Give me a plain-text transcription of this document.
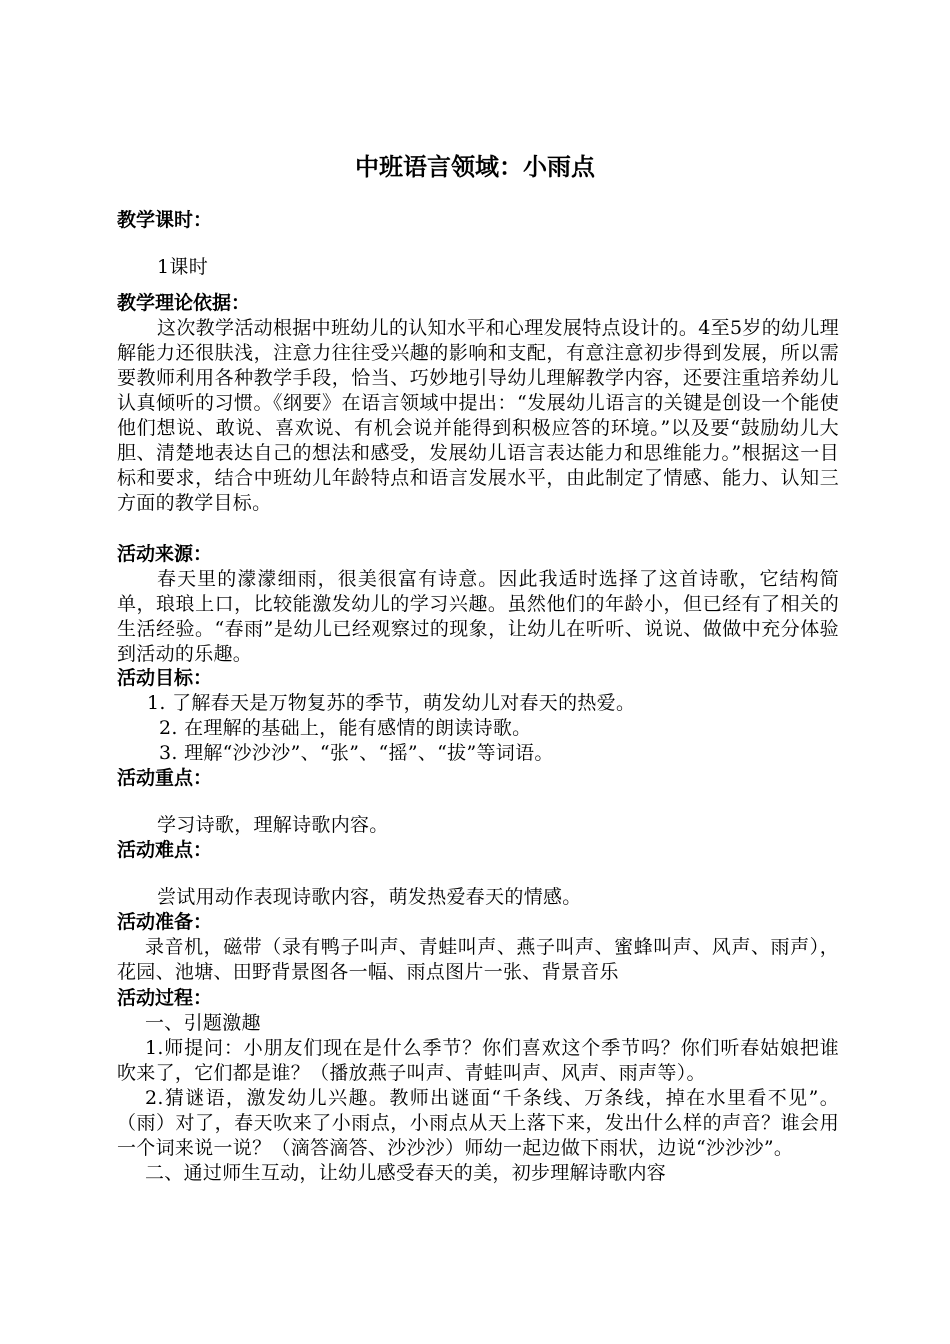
中班语言领域：小雨点

教学课时：

1课时

教学理论依据：

这次教学活动根据中班幼儿的认知水平和心理发展特点设计的。4至5岁的幼儿理解能力还很肤浅，注意力往往受兴趣的影响和支配，有意注意初步得到发展，所以需要教师利用各种教学手段，恰当、巧妙地引导幼儿理解教学内容，还要注重培养幼儿认真倾听的习惯。《纲要》在语言领域中提出：“发展幼儿语言的关键是创设一个能使他们想说、敢说、喜欢说、有机会说并能得到积极应答的环境。”以及要“鼓励幼儿大胆、清楚地表达自己的想法和感受，发展幼儿语言表达能力和思维能力。”根据这一目标和要求，结合中班幼儿年龄特点和语言发展水平，由此制定了情感、能力、认知三方面的教学目标。

活动来源：

春天里的濛濛细雨，很美很富有诗意。因此我适时选择了这首诗歌，它结构简单，琅琅上口，比较能激发幼儿的学习兴趣。虽然他们的年龄小，但已经有了相关的生活经验。“春雨”是幼儿已经观察过的现象，让幼儿在听听、说说、做做中充分体验到活动的乐趣。

活动目标：

1. 了解春天是万物复苏的季节，萌发幼儿对春天的热爱。

2. 在理解的基础上，能有感情的朗读诗歌。

3. 理解“沙沙沙”、“张”、“摇”、“拔”等词语。

活动重点：

学习诗歌，理解诗歌内容。

活动难点：

尝试用动作表现诗歌内容，萌发热爱春天的情感。

活动准备：

录音机，磁带（录有鸭子叫声、青蛙叫声、燕子叫声、蜜蜂叫声、风声、雨声），花园、池塘、田野背景图各一幅、雨点图片一张、背景音乐

活动过程：

一、引题激趣

1.师提问：小朋友们现在是什么季节？你们喜欢这个季节吗？你们听春姑娘把谁吹来了，它们都是谁？（播放燕子叫声、青蛙叫声、风声、雨声等）。

2.猜谜语，激发幼儿兴趣。教师出谜面“千条线、万条线，掉在水里看不见”。（雨）对了，春天吹来了小雨点，小雨点从天上落下来，发出什么样的声音？谁会用一个词来说一说？（滴答滴答、沙沙沙）师幼一起边做下雨状，边说“沙沙沙”。

二、通过师生互动，让幼儿感受春天的美，初步理解诗歌内容
